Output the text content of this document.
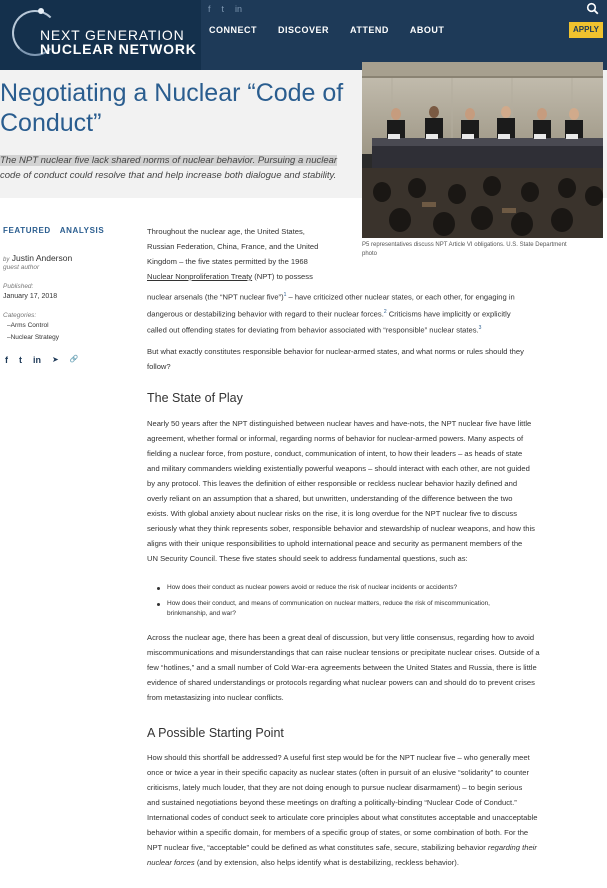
NEXT GENERATION
NUCLEAR NETWORK
f t in
CONNECT DISCOVER ATTEND ABOUT	APPLY
Negotiating a Nuclear “Code of
Conduct”

The NPT nuclear five lack shared norms of nuclear behavior. Pursuing a nuclear
code of conduct could resolve that and help increase both dialogue and stability.

P5 representatives discuss NPT Article VI obligations. U.S. State Department
photo
FEATURED ANALYSIS
by Justin Anderson
guest author
Published:
January 17, 2018
Categories:
–Arms Control
–Nuclear Strategy
f t in ➤ 🔗
Throughout the nuclear age, the United States,
Russian Federation, China, France, and the United
Kingdom – the five states permitted by the 1968
Nuclear Nonproliferation Treaty (NPT) to possess
nuclear arsenals (the “NPT nuclear five”)$^1$ – have criticized other nuclear states, or each other, for engaging in
dangerous or destabilizing behavior with regard to their nuclear forces.$^2$ Criticisms have implicitly or explicitly
called out offending states for deviating from behavior associated with “responsible” nuclear states.$^3$
But what exactly constitutes responsible behavior for nuclear-armed states, and what norms or rules should they
follow?
The State of Play
Nearly 50 years after the NPT distinguished between nuclear haves and have-nots, the NPT nuclear five have little
agreement, whether formal or informal, regarding norms of behavior for nuclear-armed powers. Many aspects of
fielding a nuclear force, from posture, conduct, communication of intent, to how their leaders – as heads of state
and military commanders wielding existentially powerful weapons – should interact with each other, are not guided
by any protocol. This leaves the definition of either responsible or reckless nuclear behavior hazily defined and
overly reliant on an assumption that a shared, but unwritten, understanding of the difference between the two
exists. With global anxiety about nuclear risks on the rise, it is long overdue for the NPT nuclear five to discuss
seriously what they think represents sober, responsible behavior and stewardship of nuclear weapons, and how this
aligns with their unique responsibilities to uphold international peace and security as permanent members of the
UN Security Council. These five states should seek to address fundamental questions, such as:
How does their conduct as nuclear powers avoid or reduce the risk of nuclear incidents or accidents?
How does their conduct, and means of communication on nuclear matters, reduce the risk of miscommunication,
brinkmanship, and war?
Across the nuclear age, there has been a great deal of discussion, but very little consensus, regarding how to avoid
miscommunications and misunderstandings that can raise nuclear tensions or precipitate nuclear crises. Outside of a
few “hotlines,” and a small number of Cold War-era agreements between the United States and Russia, there is little
evidence of shared understandings or protocols regarding what nuclear powers can and should do to prevent crises
from metastasizing into nuclear conflicts.
A Possible Starting Point
How should this shortfall be addressed? A useful first step would be for the NPT nuclear five – who generally meet
once or twice a year in their specific capacity as nuclear states (often in pursuit of an elusive “solidarity” to counter
criticisms, lately much louder, that they are not doing enough to pursue nuclear disarmament) – to begin serious
and sustained negotiations beyond these meetings on drafting a politically-binding “Nuclear Code of Conduct.”
International codes of conduct seek to articulate core principles about what constitutes acceptable and unacceptable
behavior within a specific domain, for members of a specific group of states, or some combination of both. For the
NPT nuclear five, “acceptable” could be defined as what constitutes safe, secure, stabilizing behavior regarding their
nuclear forces (and by extension, also helps identify what is destabilizing, reckless behavior).
